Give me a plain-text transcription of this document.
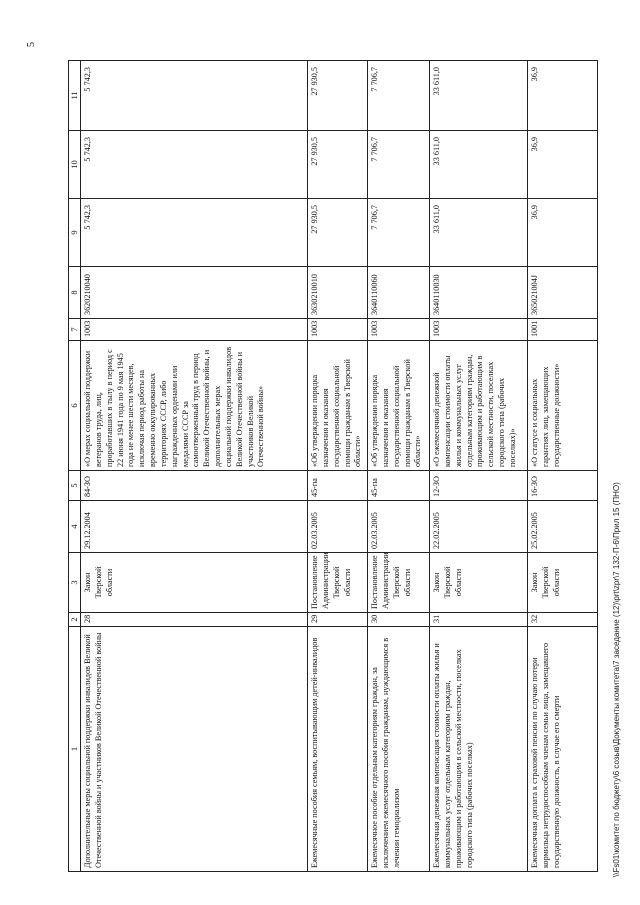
5
1	2	3	4	5	6	7	8	9	10	11
Дополнительные меры социальной поддержки инвалидов Великой Отечественной войны и участников Великой Отечественной войны	28	Закон Тверской области	29.12.2004	84-ЗО	«О мерах социальной поддержки ветеранов труда, лиц, проработавших в тылу в период с 22 июня 1941 года по 9 мая 1945 года не менее шести месяцев, исключая период работы на временно оккупированных территориях СССР, либо награжденных орденами или медалями СССР за самоотверженный труд в период Великой Отечественной войны, и дополнительных мерах социальной поддержки инвалидов Великой Отечественной войны и участников Великой Отечественной войны»	1003	3620210040	5 742,3	5 742,3	5 742,3
Ежемесячные пособия семьям, воспитывающим детей-инвалидов	29	Постановление Администрации Тверской области	02.03.2005	45-па	«Об утверждении порядка назначения и оказания государственной социальной помощи гражданам в Тверской области»	1003	3630210010	27 930,5	27 930,5	27 930,5
Ежемесячное пособие отдельным категориям граждан, за исключением ежемесячного пособия гражданам, нуждающимся в лечении гемодиализом	30	Постановление Администрации Тверской области	02.03.2005	45-па	«Об утверждении порядка назначения и оказания государственной социальной помощи гражданам в Тверской области»	1003	3640110060	7 706,7	7 706,7	7 706,7
Ежемесячная денежная компенсация стоимости оплаты жилья и коммунальных услуг отдельным категориям граждан, проживающим и работающим в сельской местности, поселках городского типа (рабочих поселках)	31	Закон Тверской области	22.02.2005	12-ЗО	«О ежемесячной денежной компенсации стоимости оплаты жилья и коммунальных услуг отдельным категориям граждан, проживающим и работающим в сельской местности, поселках городского типа (рабочих поселках)»	1003	3640110030	33 611,0	33 611,0	33 611,0
Ежемесячная доплата к страховой пенсии по случаю потери кормильца нетрудоспособным членам семьи лица, замещавшего государственную должность, в случае его смерти	32	Закон Тверской области	25.02.2005	16-ЗО	«О статусе и социальных гарантиях лиц, замещающих государственные должности»	1001	365021004J	36,9	36,9	36,9
\\Fs01\комитет по бюджету\6 созыв\Документы комитета\7 заседание (12)\prt\zpr\7 132-П-6\Прил 15 (ПНО)
